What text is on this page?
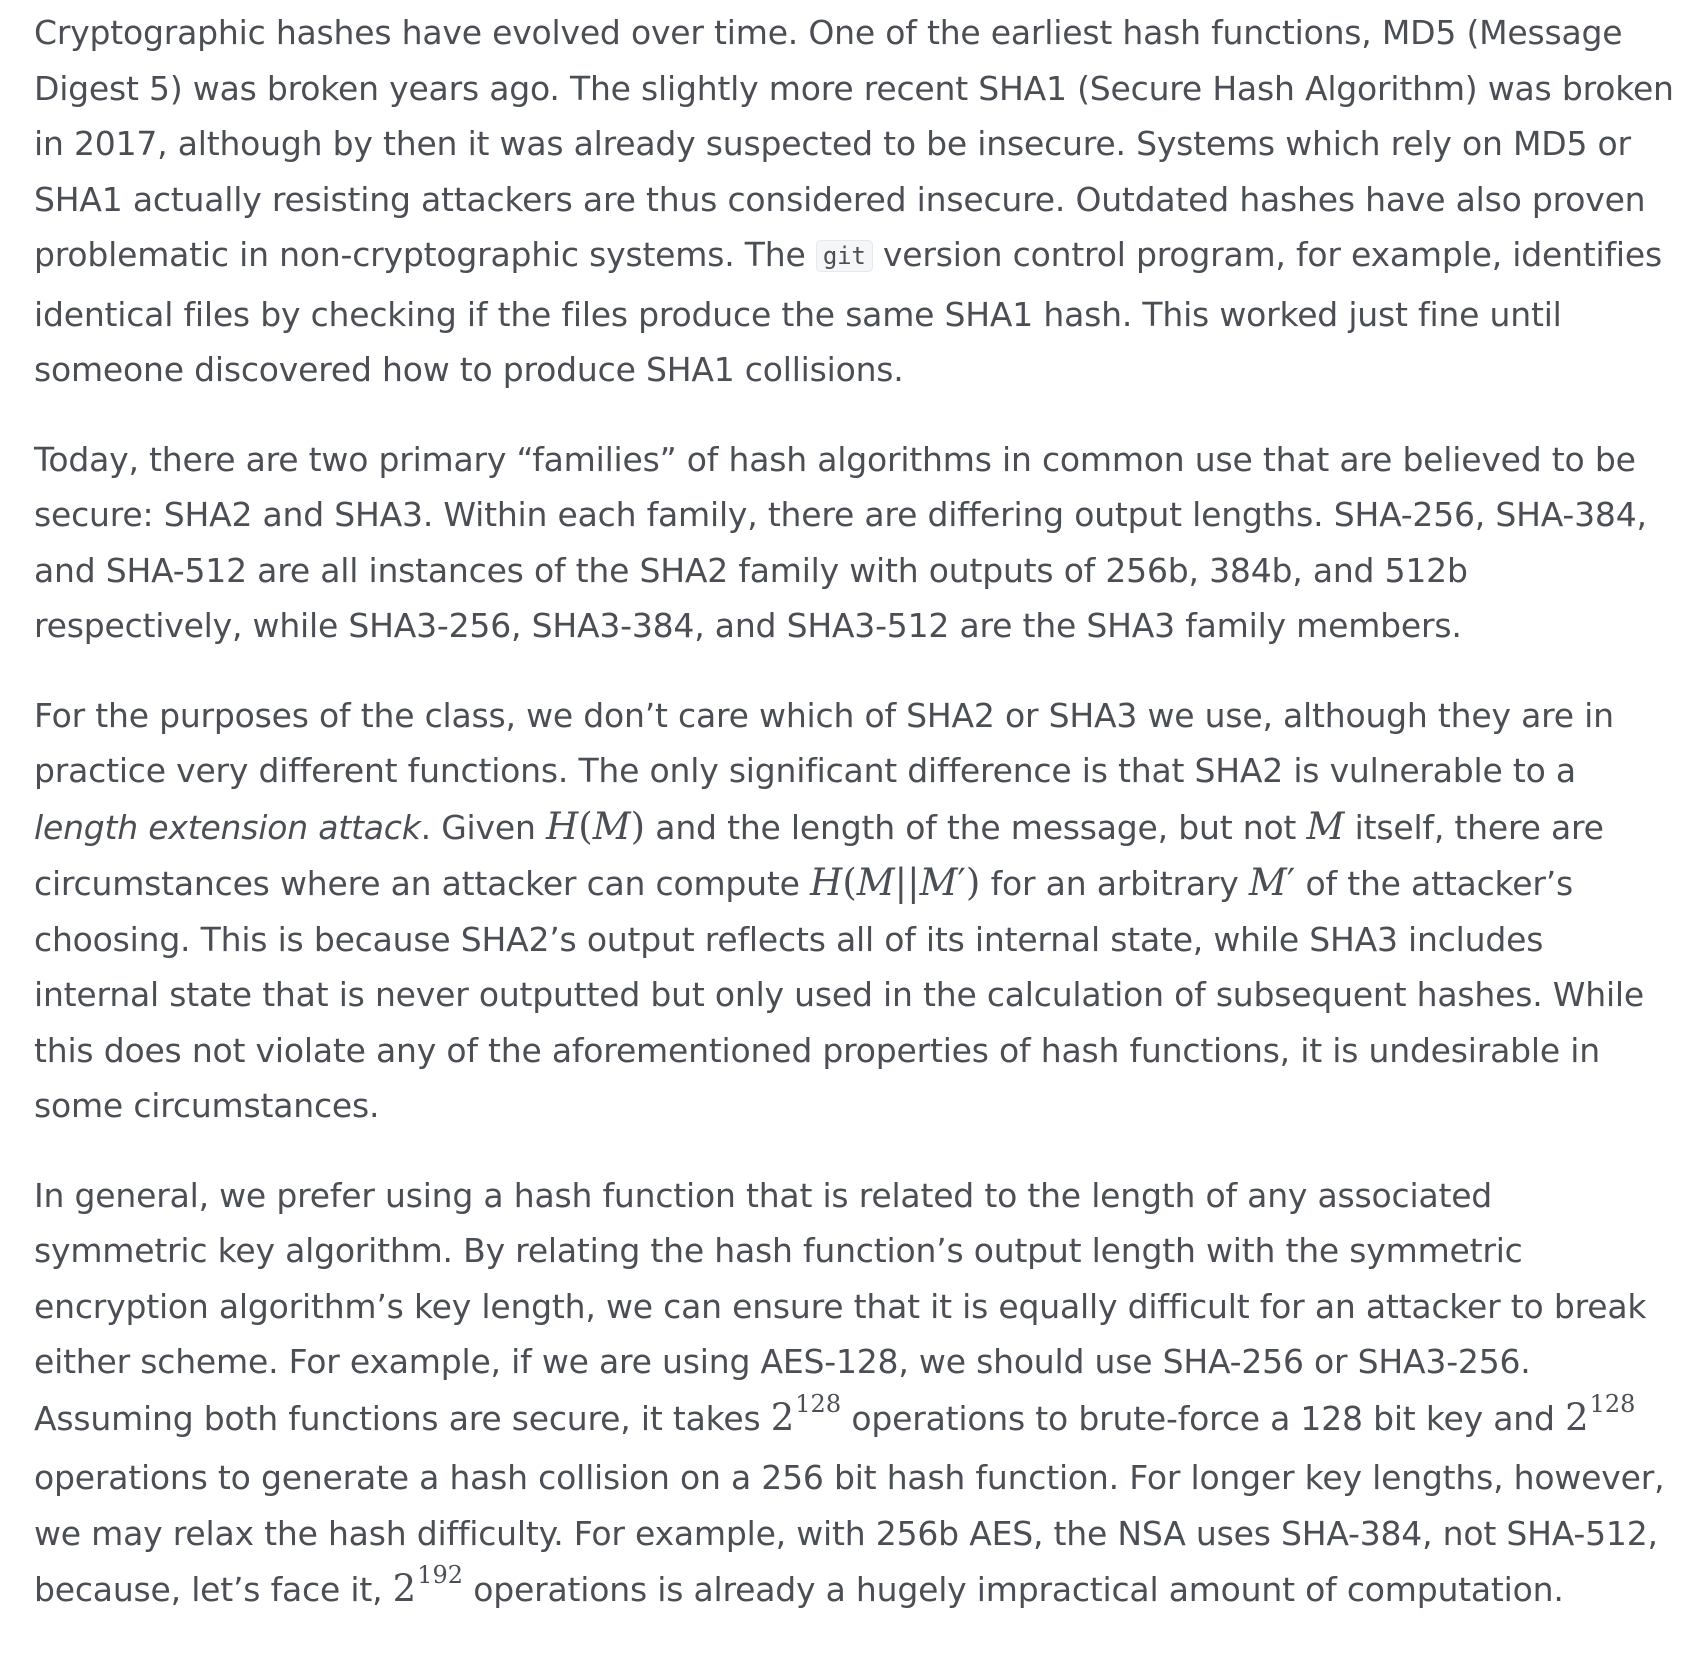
Cryptographic hashes have evolved over time. One of the earliest hash functions, MD5 (Message Digest 5) was broken years ago. The slightly more recent SHA1 (Secure Hash Algorithm) was broken in 2017, although by then it was already suspected to be insecure. Systems which rely on MD5 or SHA1 actually resisting attackers are thus considered insecure. Outdated hashes have also proven problematic in non-cryptographic systems. The git version control program, for example, identifies identical files by checking if the files produce the same SHA1 hash. This worked just fine until someone discovered how to produce SHA1 collisions.

Today, there are two primary “families” of hash algorithms in common use that are believed to be secure: SHA2 and SHA3. Within each family, there are differing output lengths. SHA-256, SHA-384, and SHA-512 are all instances of the SHA2 family with outputs of 256b, 384b, and 512b respectively, while SHA3-256, SHA3-384, and SHA3-512 are the SHA3 family members.

For the purposes of the class, we don’t care which of SHA2 or SHA3 we use, although they are in practice very different functions. The only significant difference is that SHA2 is vulnerable to a length extension attack. Given H(M) and the length of the message, but not M itself, there are circumstances where an attacker can compute H(M||M′) for an arbitrary M′ of the attacker’s choosing. This is because SHA2’s output reflects all of its internal state, while SHA3 includes internal state that is never outputted but only used in the calculation of subsequent hashes. While this does not violate any of the aforementioned properties of hash functions, it is undesirable in some circumstances.

In general, we prefer using a hash function that is related to the length of any associated symmetric key algorithm. By relating the hash function’s output length with the symmetric encryption algorithm’s key length, we can ensure that it is equally difficult for an attacker to break either scheme. For example, if we are using AES-128, we should use SHA-256 or SHA3-256. Assuming both functions are secure, it takes $2^{128}$ operations to brute-force a 128 bit key and $2^{128}$ operations to generate a hash collision on a 256 bit hash function. For longer key lengths, however, we may relax the hash difficulty. For example, with 256b AES, the NSA uses SHA-384, not SHA-512, because, let’s face it, $2^{192}$ operations is already a hugely impractical amount of computation.
